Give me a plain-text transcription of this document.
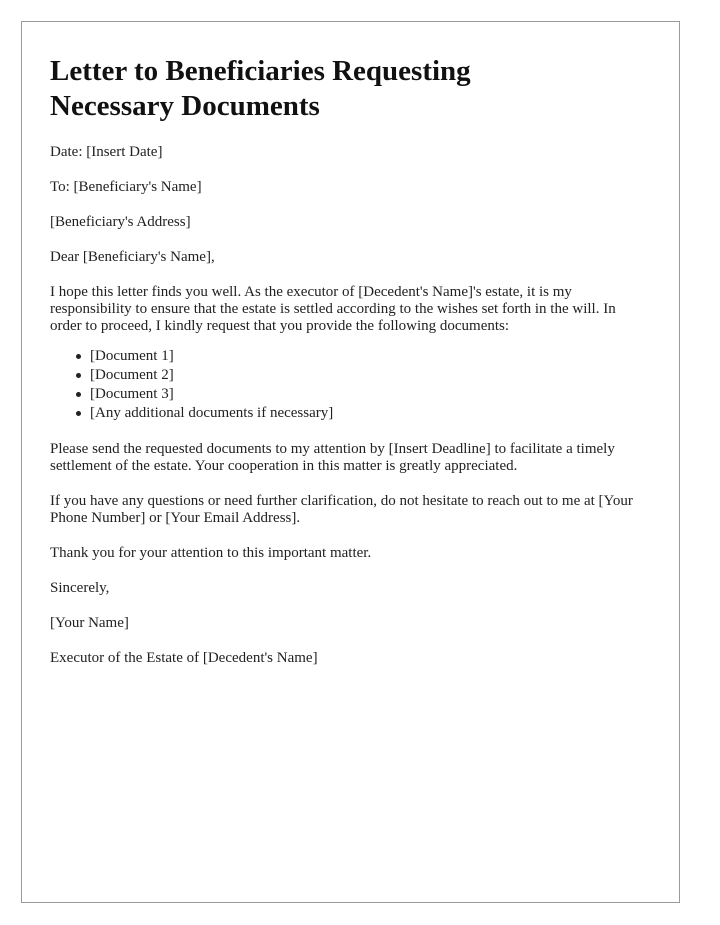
Letter to Beneficiaries Requesting Necessary Documents

Date: [Insert Date]

To: [Beneficiary's Name]

[Beneficiary's Address]

Dear [Beneficiary's Name],

I hope this letter finds you well. As the executor of [Decedent's Name]'s estate, it is my responsibility to ensure that the estate is settled according to the wishes set forth in the will. In order to proceed, I kindly request that you provide the following documents:

[Document 1]
[Document 2]
[Document 3]
[Any additional documents if necessary]

Please send the requested documents to my attention by [Insert Deadline] to facilitate a timely settlement of the estate. Your cooperation in this matter is greatly appreciated.

If you have any questions or need further clarification, do not hesitate to reach out to me at [Your Phone Number] or [Your Email Address].

Thank you for your attention to this important matter.

Sincerely,

[Your Name]

Executor of the Estate of [Decedent's Name]
